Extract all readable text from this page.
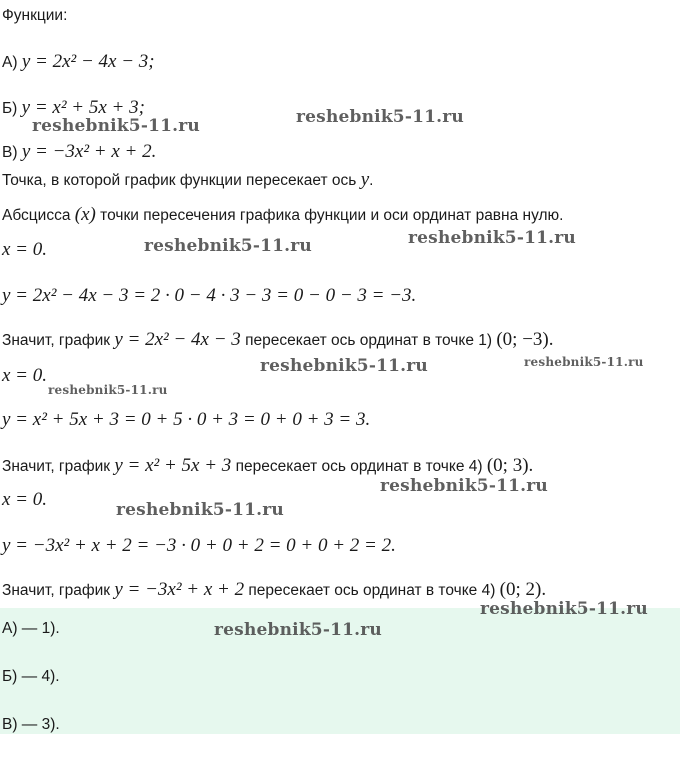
Функции:
А) y = 2x² − 4x − 3;
Б) y = x² + 5x + 3;
В) y = −3x² + x + 2.
Точка, в которой график функции пересекает ось y.
Абсцисса (x) точки пересечения графика функции и оси ординат равна нулю.
x = 0.
y = 2x² − 4x − 3 = 2 · 0 − 4 · 3 − 3 = 0 − 0 − 3 = −3.
Значит, график y = 2x² − 4x − 3 пересекает ось ординат в точке 1) (0; −3).
x = 0.
y = x² + 5x + 3 = 0 + 5 · 0 + 3 = 0 + 0 + 3 = 3.
Значит, график y = x² + 5x + 3 пересекает ось ординат в точке 4) (0; 3).
x = 0.
y = −3x² + x + 2 = −3 · 0 + 0 + 2 = 0 + 0 + 2 = 2.
Значит, график y = −3x² + x + 2 пересекает ось ординат в точке 4) (0; 2).
А) — 1).
Б) — 4).
В) — 3).
reshebnik5-11.ru	reshebnik5-11.ru
reshebnik5-11.ru	reshebnik5-11.ru
reshebnik5-11.ru	reshebnik5-11.ru
reshebnik5-11.ru
reshebnik5-11.ru
reshebnik5-11.ru
reshebnik5-11.ru
reshebnik5-11.ru
